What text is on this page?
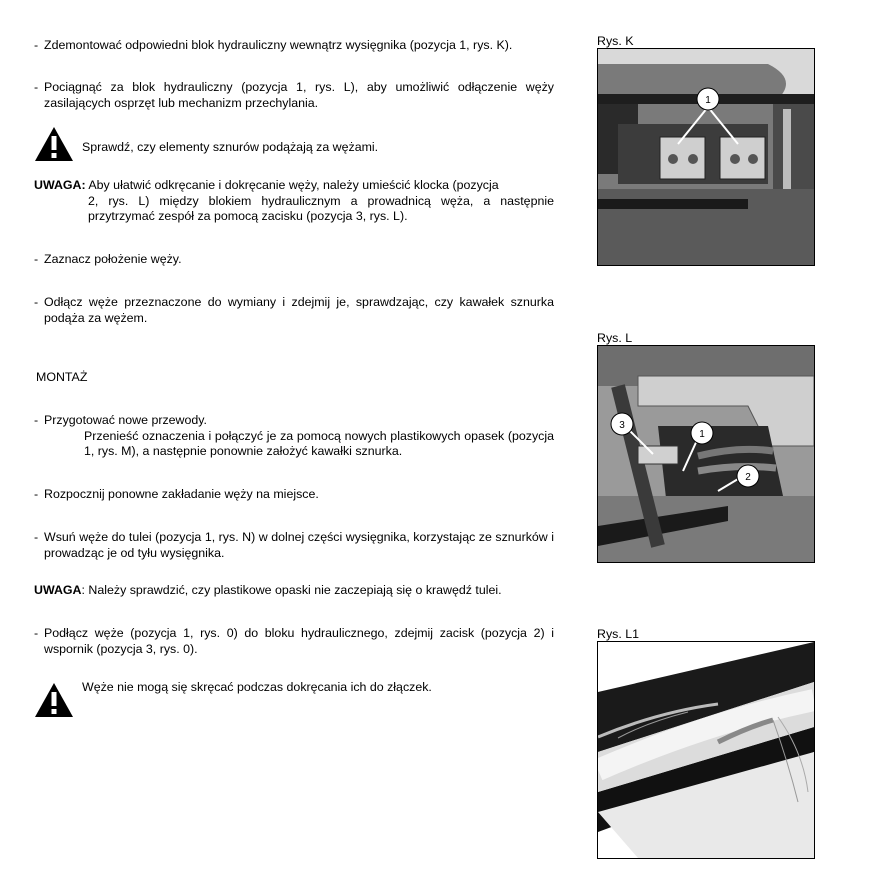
- Zdemontować odpowiedni blok hydrauliczny wewnątrz wysięgnika (pozycja 1, rys. K).
- Pociągnąć za blok hydrauliczny (pozycja 1, rys. L), aby umożliwić odłączenie węży zasilających osprzęt lub mechanizm przechylania.
Sprawdź, czy elementy sznurów podążają za wężami.
UWAGA: Aby ułatwić odkręcanie i dokręcanie węży, należy umieścić klocka (pozycja
2, rys. L) między blokiem hydraulicznym a prowadnicą węża, a następnie przytrzymać zespół za pomocą zacisku (pozycja 3, rys. L).
- Zaznacz położenie węży.
- Odłącz węże przeznaczone do wymiany i zdejmij je, sprawdzając, czy kawałek sznurka podąża za wężem.
MONTAŻ
- Przygotować nowe przewody.
Przenieść oznaczenia i połączyć je za pomocą nowych plastikowych opasek (pozycja 1, rys. M), a następnie ponownie założyć kawałki sznurka.
- Rozpocznij ponowne zakładanie węży na miejsce.
- Wsuń węże do tulei (pozycja 1, rys. N) w dolnej części wysięgnika, korzystając ze sznurków i prowadząc je od tyłu wysięgnika.
UWAGA: Należy sprawdzić, czy plastikowe opaski nie zaczepiają się o krawędź tulei.
- Podłącz węże (pozycja 1, rys. 0) do bloku hydraulicznego, zdejmij zacisk (pozycja 2) i wspornik (pozycja 3, rys. 0).
Węże nie mogą się skręcać podczas dokręcania ich do złączek.
Rys. K
1
Rys. L
3
1
2
Rys. L1
